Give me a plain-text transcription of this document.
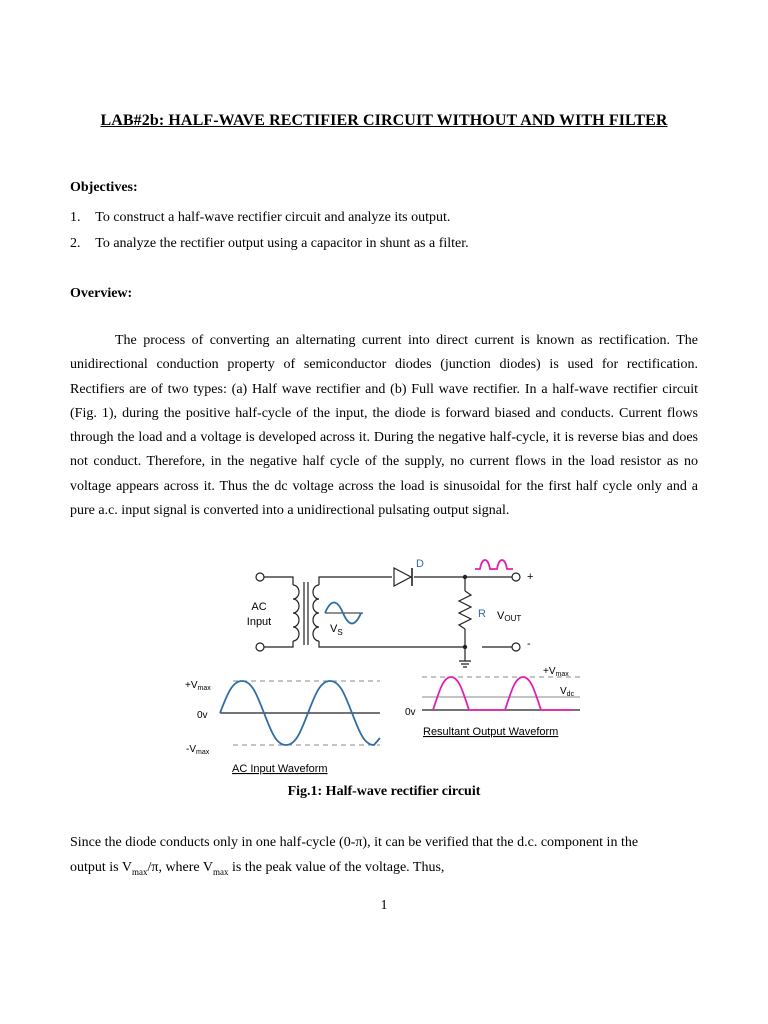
LAB#2b: HALF-WAVE RECTIFIER CIRCUIT WITHOUT AND WITH FILTER
Objectives:
1. To construct a half-wave rectifier circuit and analyze its output.
2. To analyze the rectifier output using a capacitor in shunt as a filter.
Overview:
The process of converting an alternating current into direct current is known as rectification. The unidirectional conduction property of semiconductor diodes (junction diodes) is used for rectification. Rectifiers are of two types: (a) Half wave rectifier and (b) Full wave rectifier. In a half-wave rectifier circuit (Fig. 1), during the positive half-cycle of the input, the diode is forward biased and conducts. Current flows through the load and a voltage is developed across it. During the negative half-cycle, it is reverse bias and does not conduct. Therefore, in the negative half cycle of the supply, no current flows in the load resistor as no voltage appears across it. Thus the dc voltage across the load is sinusoidal for the first half cycle only and a pure a.c. input signal is converted into a unidirectional pulsating output signal.
AC
Input
$V_S$
D
R VOUT
+
-
$+V_{max}$
0v
$-V_{max}$
AC Input Waveform
$+V_{max}$
$V_{dc}$
0v
Resultant Output Waveform
Fig.1: Half-wave rectifier circuit
Since the diode conducts only in one half-cycle (0-π), it can be verified that the d.c. component in the
output is $V_{max}/\pi$, where $V_{max}$ is the peak value of the voltage. Thus,
1
